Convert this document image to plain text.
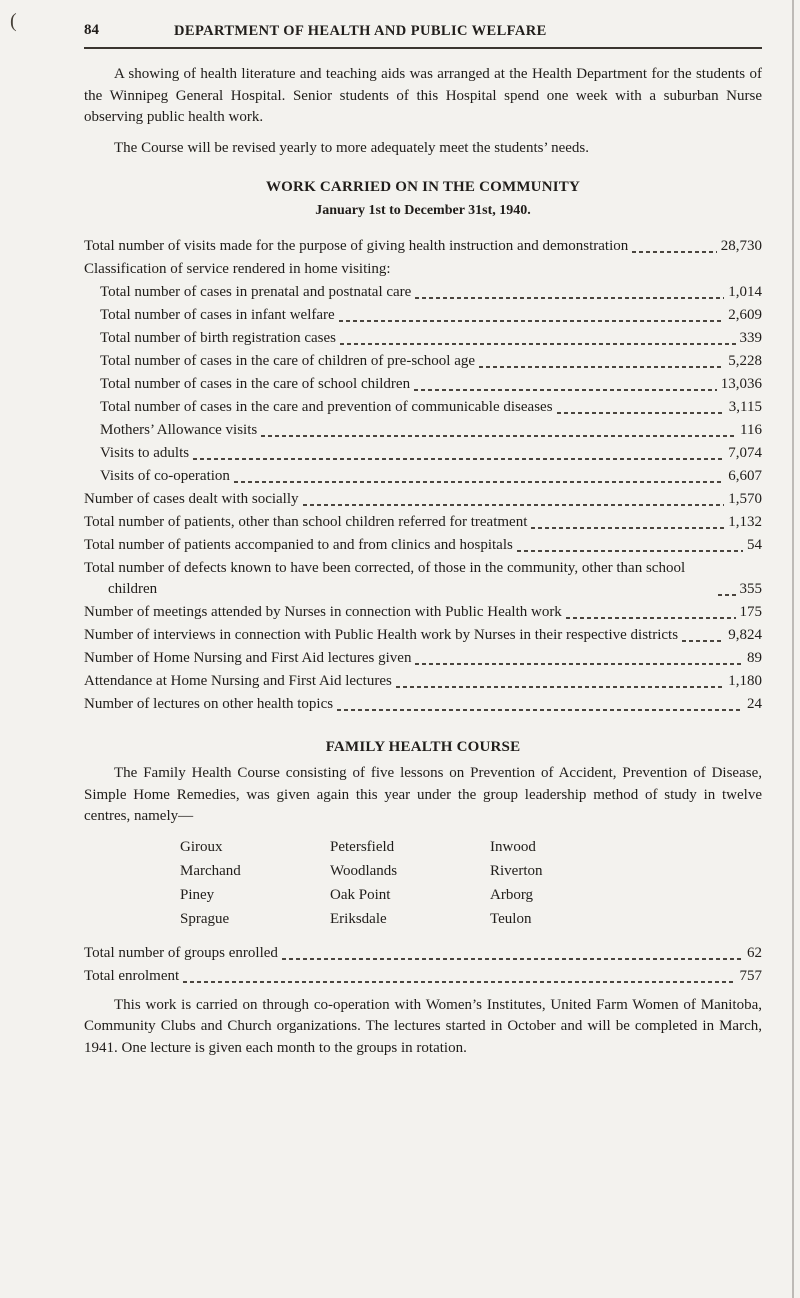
(	84	DEPARTMENT OF HEALTH AND PUBLIC WELFARE

A showing of health literature and teaching aids was arranged at the Health Department for the students of the Winnipeg General Hospital. Senior students of this Hospital spend one week with a suburban Nurse observing public health work.

The Course will be revised yearly to more adequately meet the students’ needs.

WORK CARRIED ON IN THE COMMUNITY
January 1st to December 31st, 1940.
Total number of visits made for the purpose of giving health instruction and demonstration	28,730
Classification of service rendered in home visiting:
Total number of cases in prenatal and postnatal care	1,014
Total number of cases in infant welfare	2,609
Total number of birth registration cases	339
Total number of cases in the care of children of pre-school age	5,228
Total number of cases in the care of school children	13,036
Total number of cases in the care and prevention of communicable diseases	3,115
Mothers’ Allowance visits	116
Visits to adults	7,074
Visits of co-operation	6,607
Number of cases dealt with socially	1,570
Total number of patients, other than school children referred for treatment	1,132
Total number of patients accompanied to and from clinics and hospitals	54
Total number of defects known to have been corrected, of those in the community, other than school children	355
Number of meetings attended by Nurses in connection with Public Health work	175
Number of interviews in connection with Public Health work by Nurses in their respective districts	9,824
Number of Home Nursing and First Aid lectures given	89
Attendance at Home Nursing and First Aid lectures	1,180
Number of lectures on other health topics	24
FAMILY HEALTH COURSE

The Family Health Course consisting of five lessons on Prevention of Accident, Prevention of Disease, Simple Home Remedies, was given again this year under the group leadership method of study in twelve centres, namely—

Giroux	Petersfield	Inwood
Marchand	Woodlands	Riverton
Piney	Oak Point	Arborg
Sprague	Eriksdale	Teulon
Total number of groups enrolled	62
Total enrolment	757

This work is carried on through co-operation with Women’s Institutes, United Farm Women of Manitoba, Community Clubs and Church organizations. The lectures started in October and will be completed in March, 1941. One lecture is given each month to the groups in rotation.
